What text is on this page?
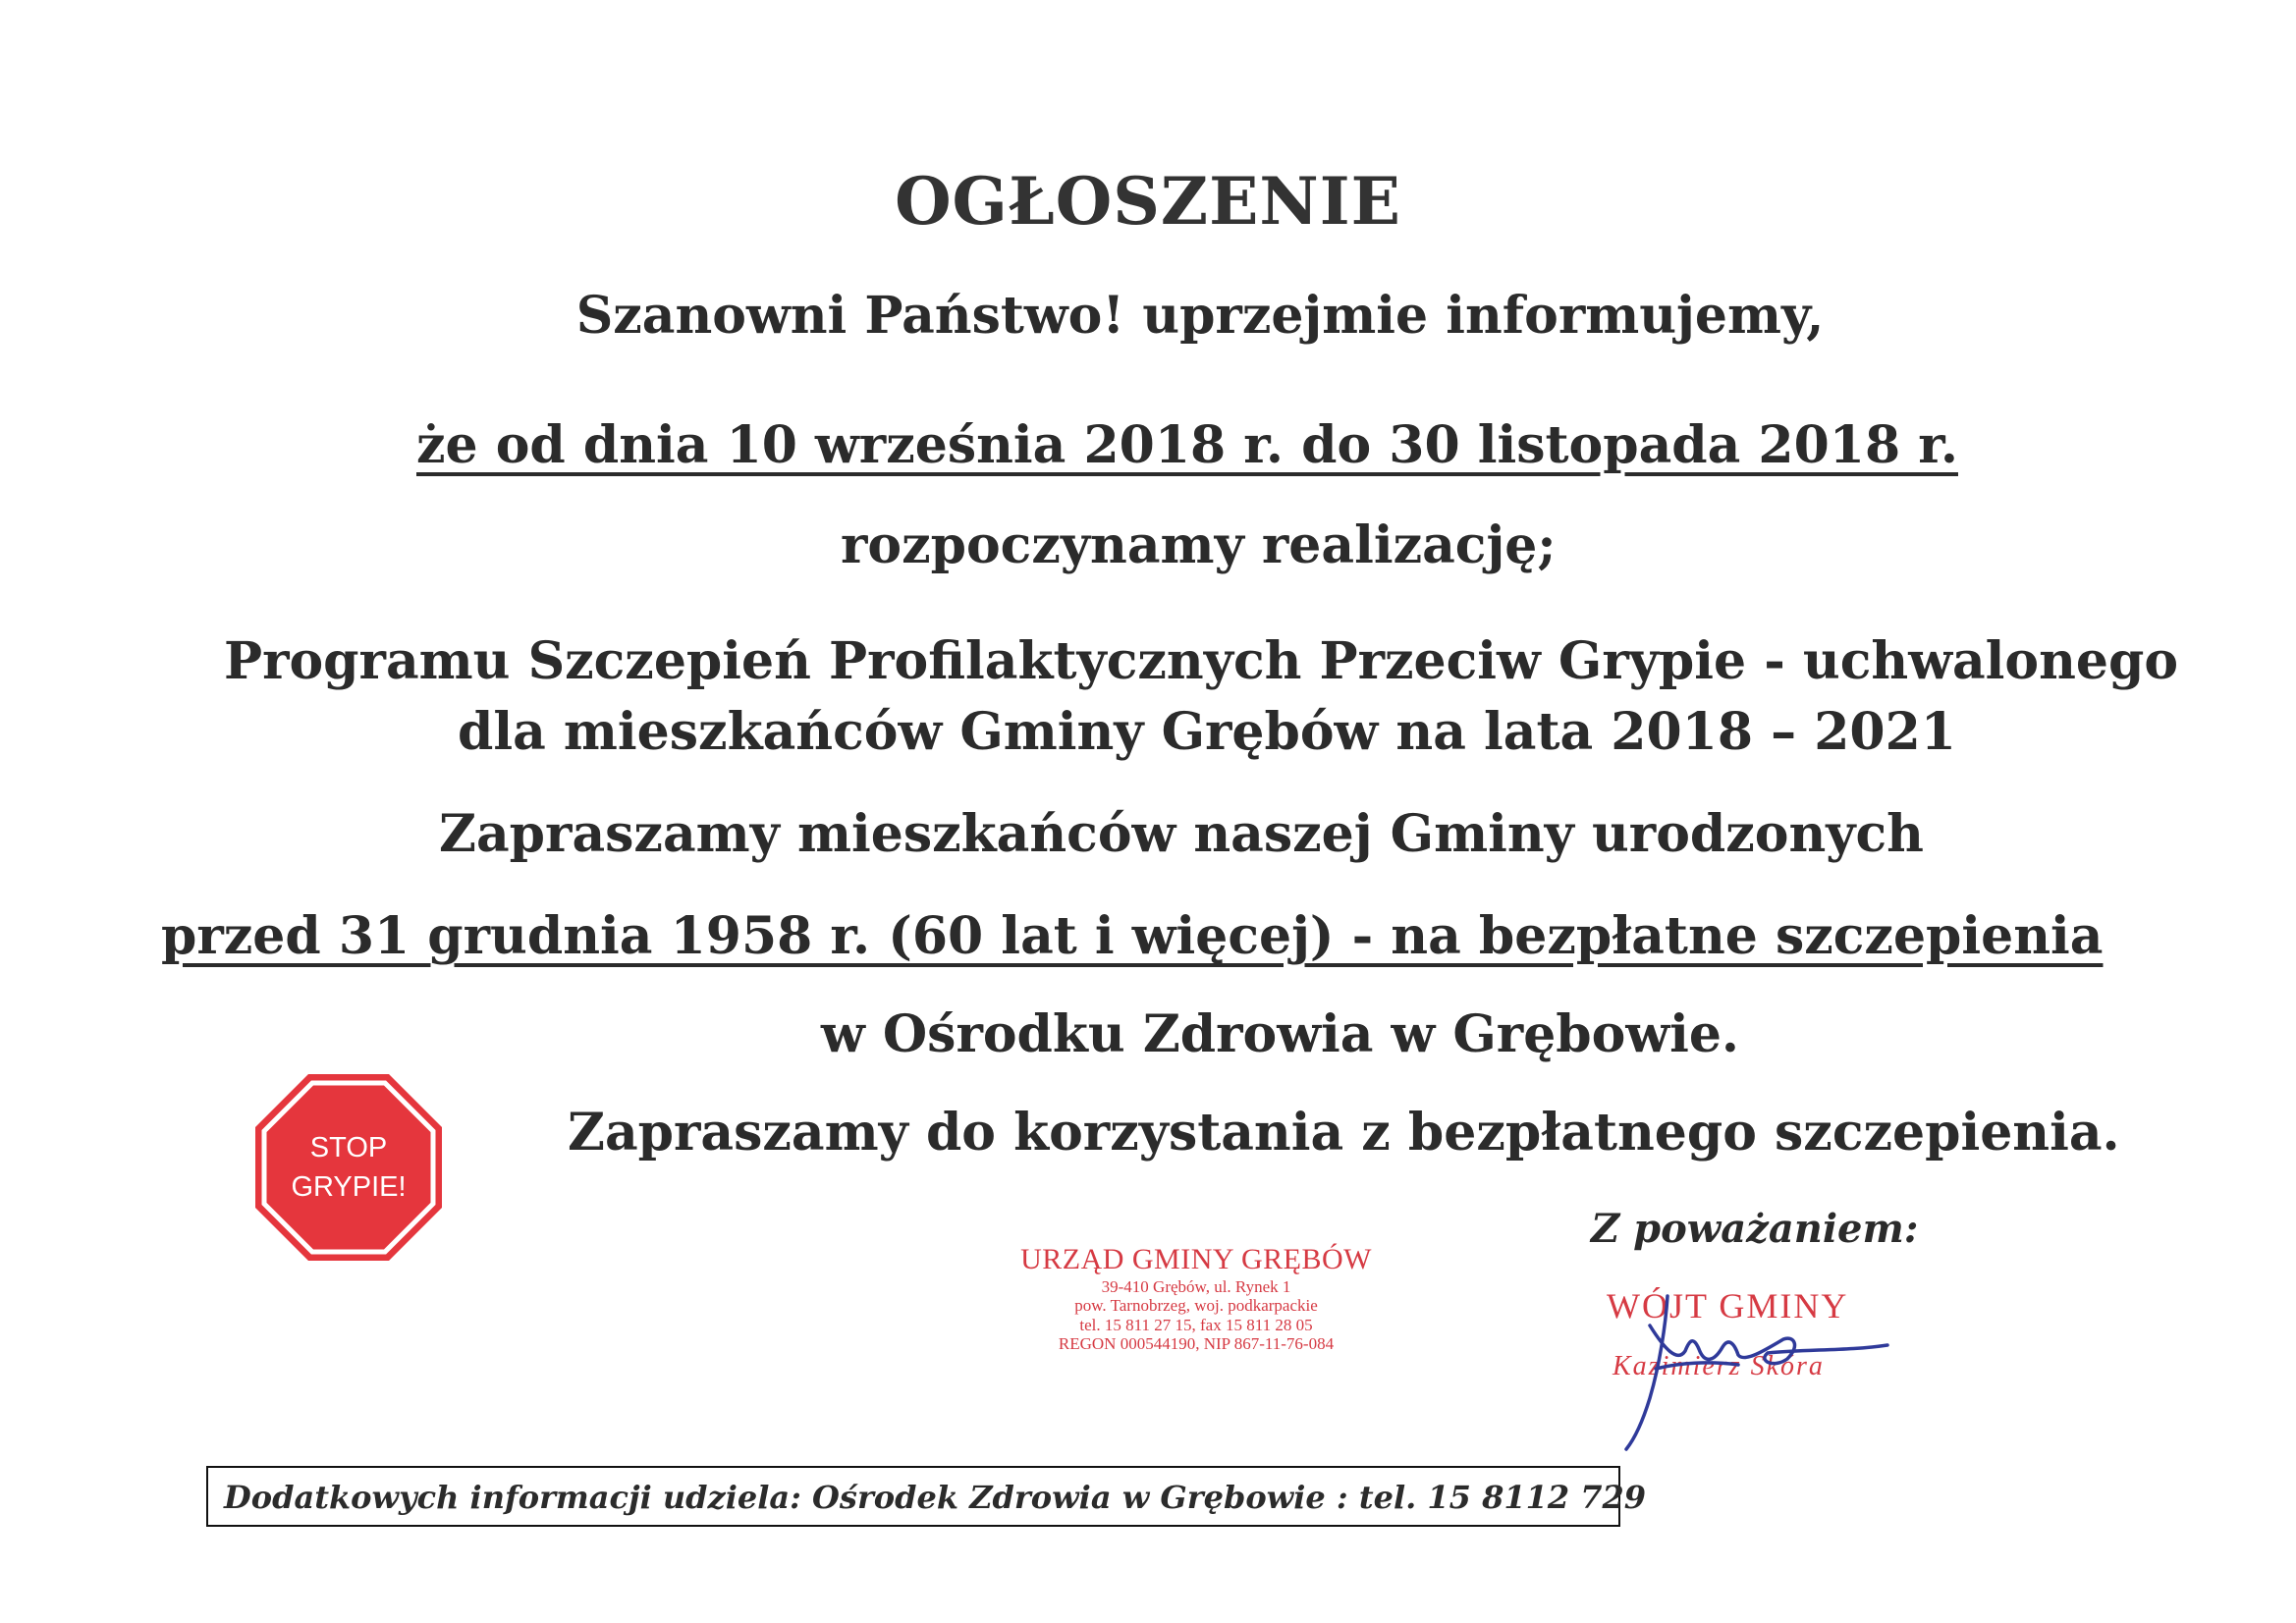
OGŁOSZENIE
Szanowni Państwo! uprzejmie informujemy,
że od dnia 10 września 2018 r. do 30 listopada 2018 r.
rozpoczynamy realizację;
Programu Szczepień Profilaktycznych Przeciw Grypie - uchwalonego
dla mieszkańców Gminy Grębów na lata 2018 – 2021
Zapraszamy mieszkańców naszej Gminy urodzonych
przed 31 grudnia 1958 r. (60 lat i więcej) - na bezpłatne szczepienia
w Ośrodku Zdrowia w Grębowie.
Zapraszamy do korzystania z bezpłatnego szczepienia.
STOP
GRYPIE!
Z poważaniem:
URZĄD GMINY GRĘBÓW
39-410 Grębów, ul. Rynek 1
pow. Tarnobrzeg, woj. podkarpackie
tel. 15 811 27 15, fax 15 811 28 05
REGON 000544190, NIP 867-11-76-084
WÓJT GMINY
Kazimierz Skóra
Dodatkowych informacji udziela: Ośrodek Zdrowia w Grębowie : tel. 15 8112 729
